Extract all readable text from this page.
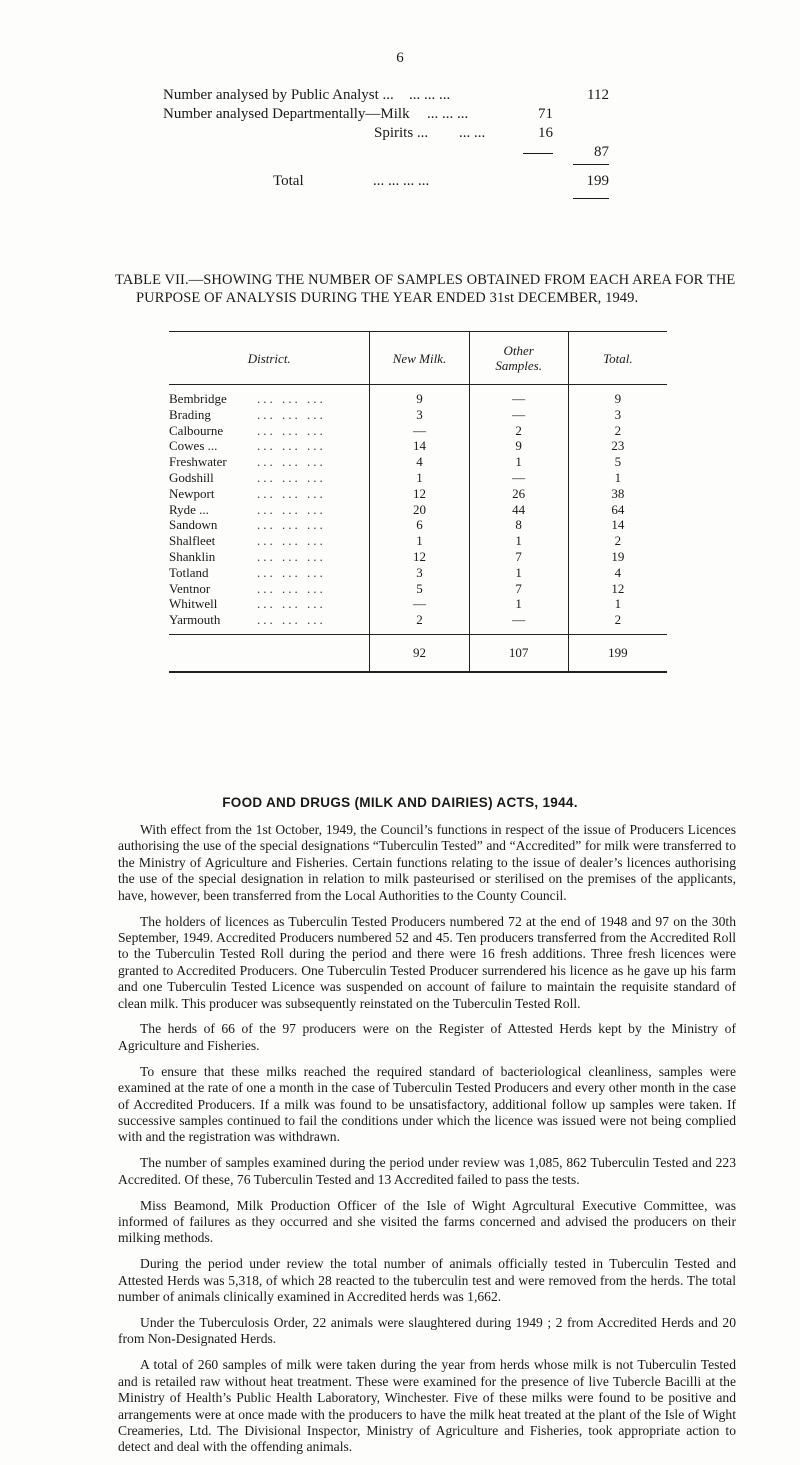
6
Number analysed by Public Analyst ... ... ... ...	112
Number analysed Departmentally—Milk ... ... ...	71
Spirits ... ... ...	16
87
Total	... ... ... ...	199
TABLE VII.—SHOWING THE NUMBER OF SAMPLES OBTAINED FROM EACH AREA FOR THE
PURPOSE OF ANALYSIS DURING THE YEAR ENDED 31st DECEMBER, 1949.
District.	New Milk.	Other Samples.	Total.
Bembridge ... ... ...	9	—	9
Brading ... ... ...	3	—	3
Calbourne ... ... ...	—	2	2
Cowes ... ... ... ...	14	9	23
Freshwater ... ... ...	4	1	5
Godshill ... ... ...	1	—	1
Newport ... ... ...	12	26	38
Ryde ... ... ... ...	20	44	64
Sandown ... ... ...	6	8	14
Shalfleet ... ... ...	1	1	2
Shanklin ... ... ...	12	7	19
Totland ... ... ...	3	1	4
Ventnor ... ... ...	5	7	12
Whitwell ... ... ...	—	1	1
Yarmouth ... ... ...	2	—	2
	92	107	199
FOOD AND DRUGS (MILK AND DAIRIES) ACTS, 1944.

With effect from the 1st October, 1949, the Council’s functions in respect of the issue of Producers Licences authorising the use of the special designations “Tuberculin Tested” and “Accredited” for milk were transferred to the Ministry of Agriculture and Fisheries. Certain functions relating to the issue of dealer’s licences authorising the use of the special designation in relation to milk pasteurised or sterilised on the premises of the applicants, have, however, been transferred from the Local Authorities to the County Council.

The holders of licences as Tuberculin Tested Producers numbered 72 at the end of 1948 and 97 on the 30th September, 1949. Accredited Producers numbered 52 and 45. Ten producers transferred from the Accredited Roll to the Tuberculin Tested Roll during the period and there were 16 fresh additions. Three fresh licences were granted to Accredited Producers. One Tuberculin Tested Producer surrendered his licence as he gave up his farm and one Tuberculin Tested Licence was suspended on account of failure to maintain the requisite standard of clean milk. This producer was subsequently reinstated on the Tuberculin Tested Roll.

The herds of 66 of the 97 producers were on the Register of Attested Herds kept by the Ministry of Agriculture and Fisheries.

To ensure that these milks reached the required standard of bacteriological cleanliness, samples were examined at the rate of one a month in the case of Tuberculin Tested Producers and every other month in the case of Accredited Producers. If a milk was found to be unsatisfactory, additional follow up samples were taken. If successive samples continued to fail the conditions under which the licence was issued were not being complied with and the registration was withdrawn.

The number of samples examined during the period under review was 1,085, 862 Tuberculin Tested and 223 Accredited. Of these, 76 Tuberculin Tested and 13 Accredited failed to pass the tests.

Miss Beamond, Milk Production Officer of the Isle of Wight Agrcultural Executive Committee, was informed of failures as they occurred and she visited the farms concerned and advised the producers on their milking methods.

During the period under review the total number of animals officially tested in Tuberculin Tested and Attested Herds was 5,318, of which 28 reacted to the tuberculin test and were removed from the herds. The total number of animals clinically examined in Accredited herds was 1,662.

Under the Tuberculosis Order, 22 animals were slaughtered during 1949 ; 2 from Accredited Herds and 20 from Non-Designated Herds.

A total of 260 samples of milk were taken during the year from herds whose milk is not Tuberculin Tested and is retailed raw without heat treatment. These were examined for the presence of live Tubercle Bacilli at the Ministry of Health’s Public Health Laboratory, Winchester. Five of these milks were found to be positive and arrangements were at once made with the producers to have the milk heat treated at the plant of the Isle of Wight Creameries, Ltd. The Divisional Inspector, Ministry of Agriculture and Fisheries, took appropriate action to detect and deal with the offending animals.
